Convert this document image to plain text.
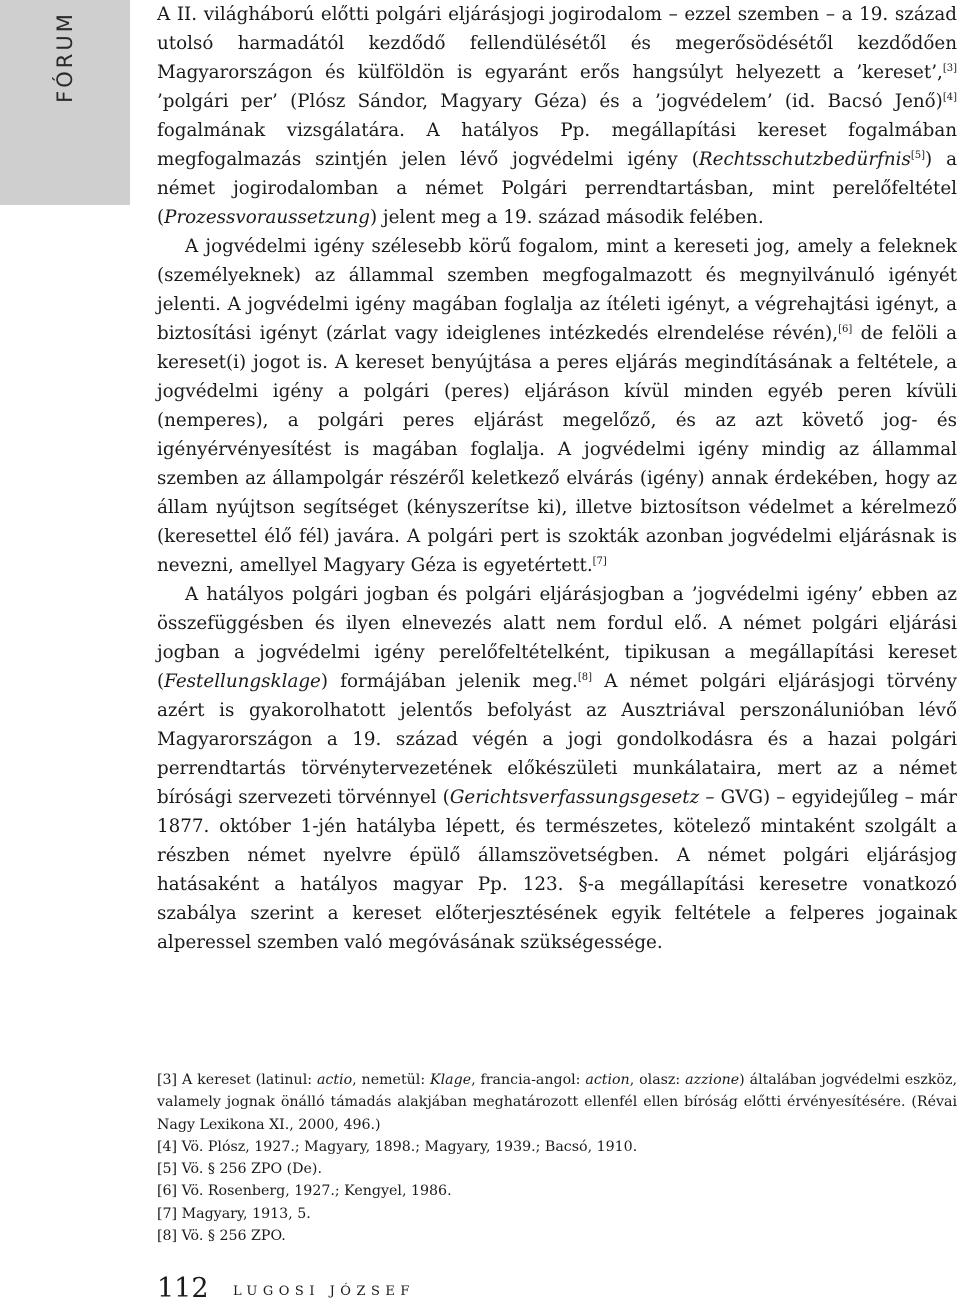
FÓRUM	A II. világháború előtti polgári eljárásjogi jogirodalom – ezzel szemben – a 19. század utolsó harmadától kezdődő fellendülésétől és megerősödésétől kezdődően Magyarországon és külföldön is egyaránt erős hangsúlyt helyezett a ’kereset’,[3] ’polgári per’ (Plósz Sándor, Magyary Géza) és a ’jogvédelem’ (id. Bacsó Jenő)[4] fogalmának vizsgálatára. A hatályos Pp. megállapítási kereset fogalmában megfogalmazás szintjén jelen lévő jogvédelmi igény (Rechtsschutzbedürfnis[5]) a német jogirodalomban a német Polgári perrendtartásban, mint perelőfeltétel (Prozessvoraussetzung) jelent meg a 19. század második felében.

A jogvédelmi igény szélesebb körű fogalom, mint a kereseti jog, amely a feleknek (személyeknek) az állammal szemben megfogalmazott és megnyilvánuló igényét jelenti. A jogvédelmi igény magában foglalja az ítéleti igényt, a végrehajtási igényt, a biztosítási igényt (zárlat vagy ideiglenes intézkedés elrendelése révén),[6] de felöli a kereset(i) jogot is. A kereset benyújtása a peres eljárás megindításának a feltétele, a jogvédelmi igény a polgári (peres) eljáráson kívül minden egyéb peren kívüli (nemperes), a polgári peres eljárást megelőző, és az azt követő jog- és igényérvényesítést is magában foglalja. A jogvédelmi igény mindig az állammal szemben az állampolgár részéről keletkező elvárás (igény) annak érdekében, hogy az állam nyújtson segítséget (kényszerítse ki), illetve biztosítson védelmet a kérelmező (keresettel élő fél) javára. A polgári pert is szokták azonban jogvédelmi eljárásnak is nevezni, amellyel Magyary Géza is egyetértett.[7]

A hatályos polgári jogban és polgári eljárásjogban a ’jogvédelmi igény’ ebben az összefüggésben és ilyen elnevezés alatt nem fordul elő. A német polgári eljárási jogban a jogvédelmi igény perelőfeltételként, tipikusan a megállapítási kereset (Festellungsklage) formájában jelenik meg.[8] A német polgári eljárásjogi törvény azért is gyakorolhatott jelentős befolyást az Ausztriával perszonálunióban lévő Magyarországon a 19. század végén a jogi gondolkodásra és a hazai polgári perrendtartás törvénytervezetének előkészületi munkálataira, mert az a német bírósági szervezeti törvénnyel (Gerichtsverfassungsgesetz – GVG) – egyidejűleg – már 1877. október 1-jén hatályba lépett, és természetes, kötelező mintaként szolgált a részben német nyelvre épülő államszövetségben. A német polgári eljárásjog hatásaként a hatályos magyar Pp. 123. §-a megállapítási keresetre vonatkozó szabálya szerint a kereset előterjesztésének egyik feltétele a felperes jogainak alperessel szemben való megóvásának szükségessége.

[3] A kereset (latinul: actio, nemetül: Klage, francia-angol: action, olasz: azzione) általában jogvédelmi eszköz, valamely jognak önálló támadás alakjában meghatározott ellenfél ellen bíróság előtti érvényesítésére. (Révai Nagy Lexikona XI., 2000, 496.)

[4] Vö. Plósz, 1927.; Magyary, 1898.; Magyary, 1939.; Bacsó, 1910.

[5] Vö. § 256 ZPO (De).

[6] Vö. Rosenberg, 1927.; Kengyel, 1986.

[7] Magyary, 1913, 5.

[8] Vö. § 256 ZPO.

112 LUGOSI JÓZSEF
